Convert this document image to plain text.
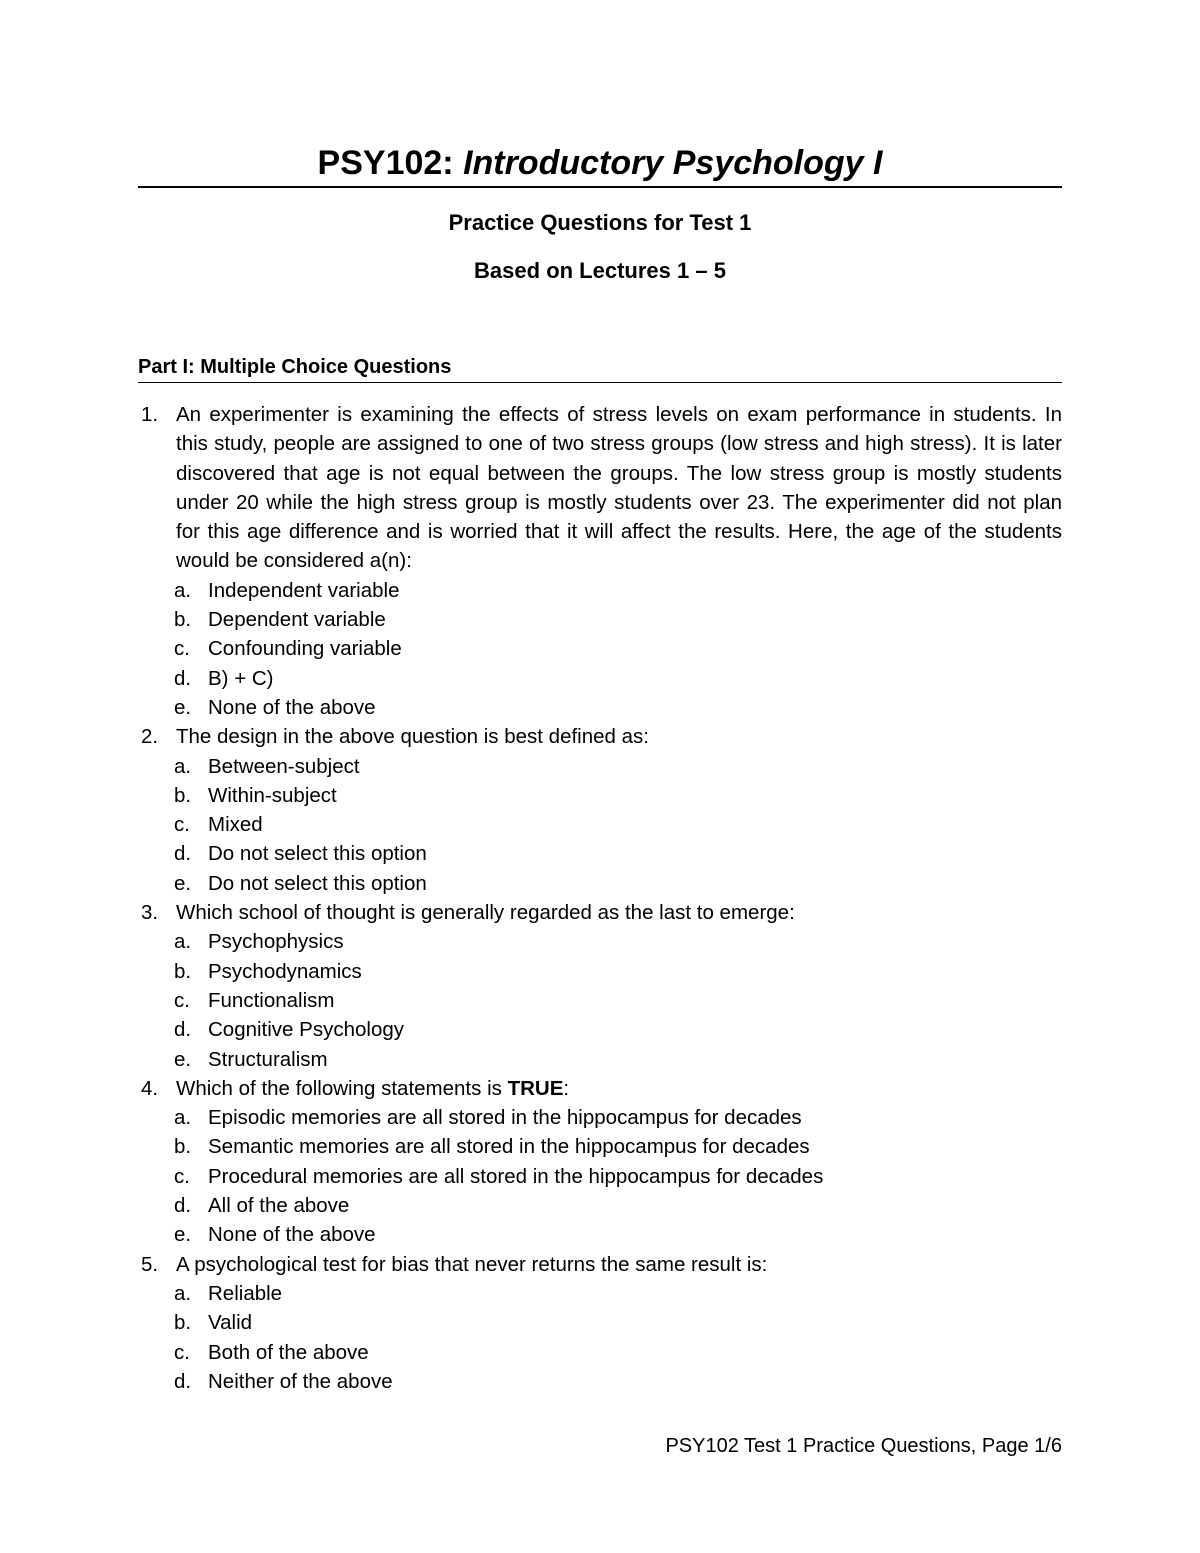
PSY102: Introductory Psychology I
Practice Questions for Test 1
Based on Lectures 1 – 5
Part I: Multiple Choice Questions
1. An experimenter is examining the effects of stress levels on exam performance in students. In this study, people are assigned to one of two stress groups (low stress and high stress). It is later discovered that age is not equal between the groups. The low stress group is mostly students under 20 while the high stress group is mostly students over 23. The experimenter did not plan for this age difference and is worried that it will affect the results. Here, the age of the students would be considered a(n):
a. Independent variable
b. Dependent variable
c. Confounding variable
d. B) + C)
e. None of the above
2. The design in the above question is best defined as:
a. Between-subject
b. Within-subject
c. Mixed
d. Do not select this option
e. Do not select this option
3. Which school of thought is generally regarded as the last to emerge:
a. Psychophysics
b. Psychodynamics
c. Functionalism
d. Cognitive Psychology
e. Structuralism
4. Which of the following statements is TRUE:
a. Episodic memories are all stored in the hippocampus for decades
b. Semantic memories are all stored in the hippocampus for decades
c. Procedural memories are all stored in the hippocampus for decades
d. All of the above
e. None of the above
5. A psychological test for bias that never returns the same result is:
a. Reliable
b. Valid
c. Both of the above
d. Neither of the above
PSY102 Test 1 Practice Questions, Page 1/6
